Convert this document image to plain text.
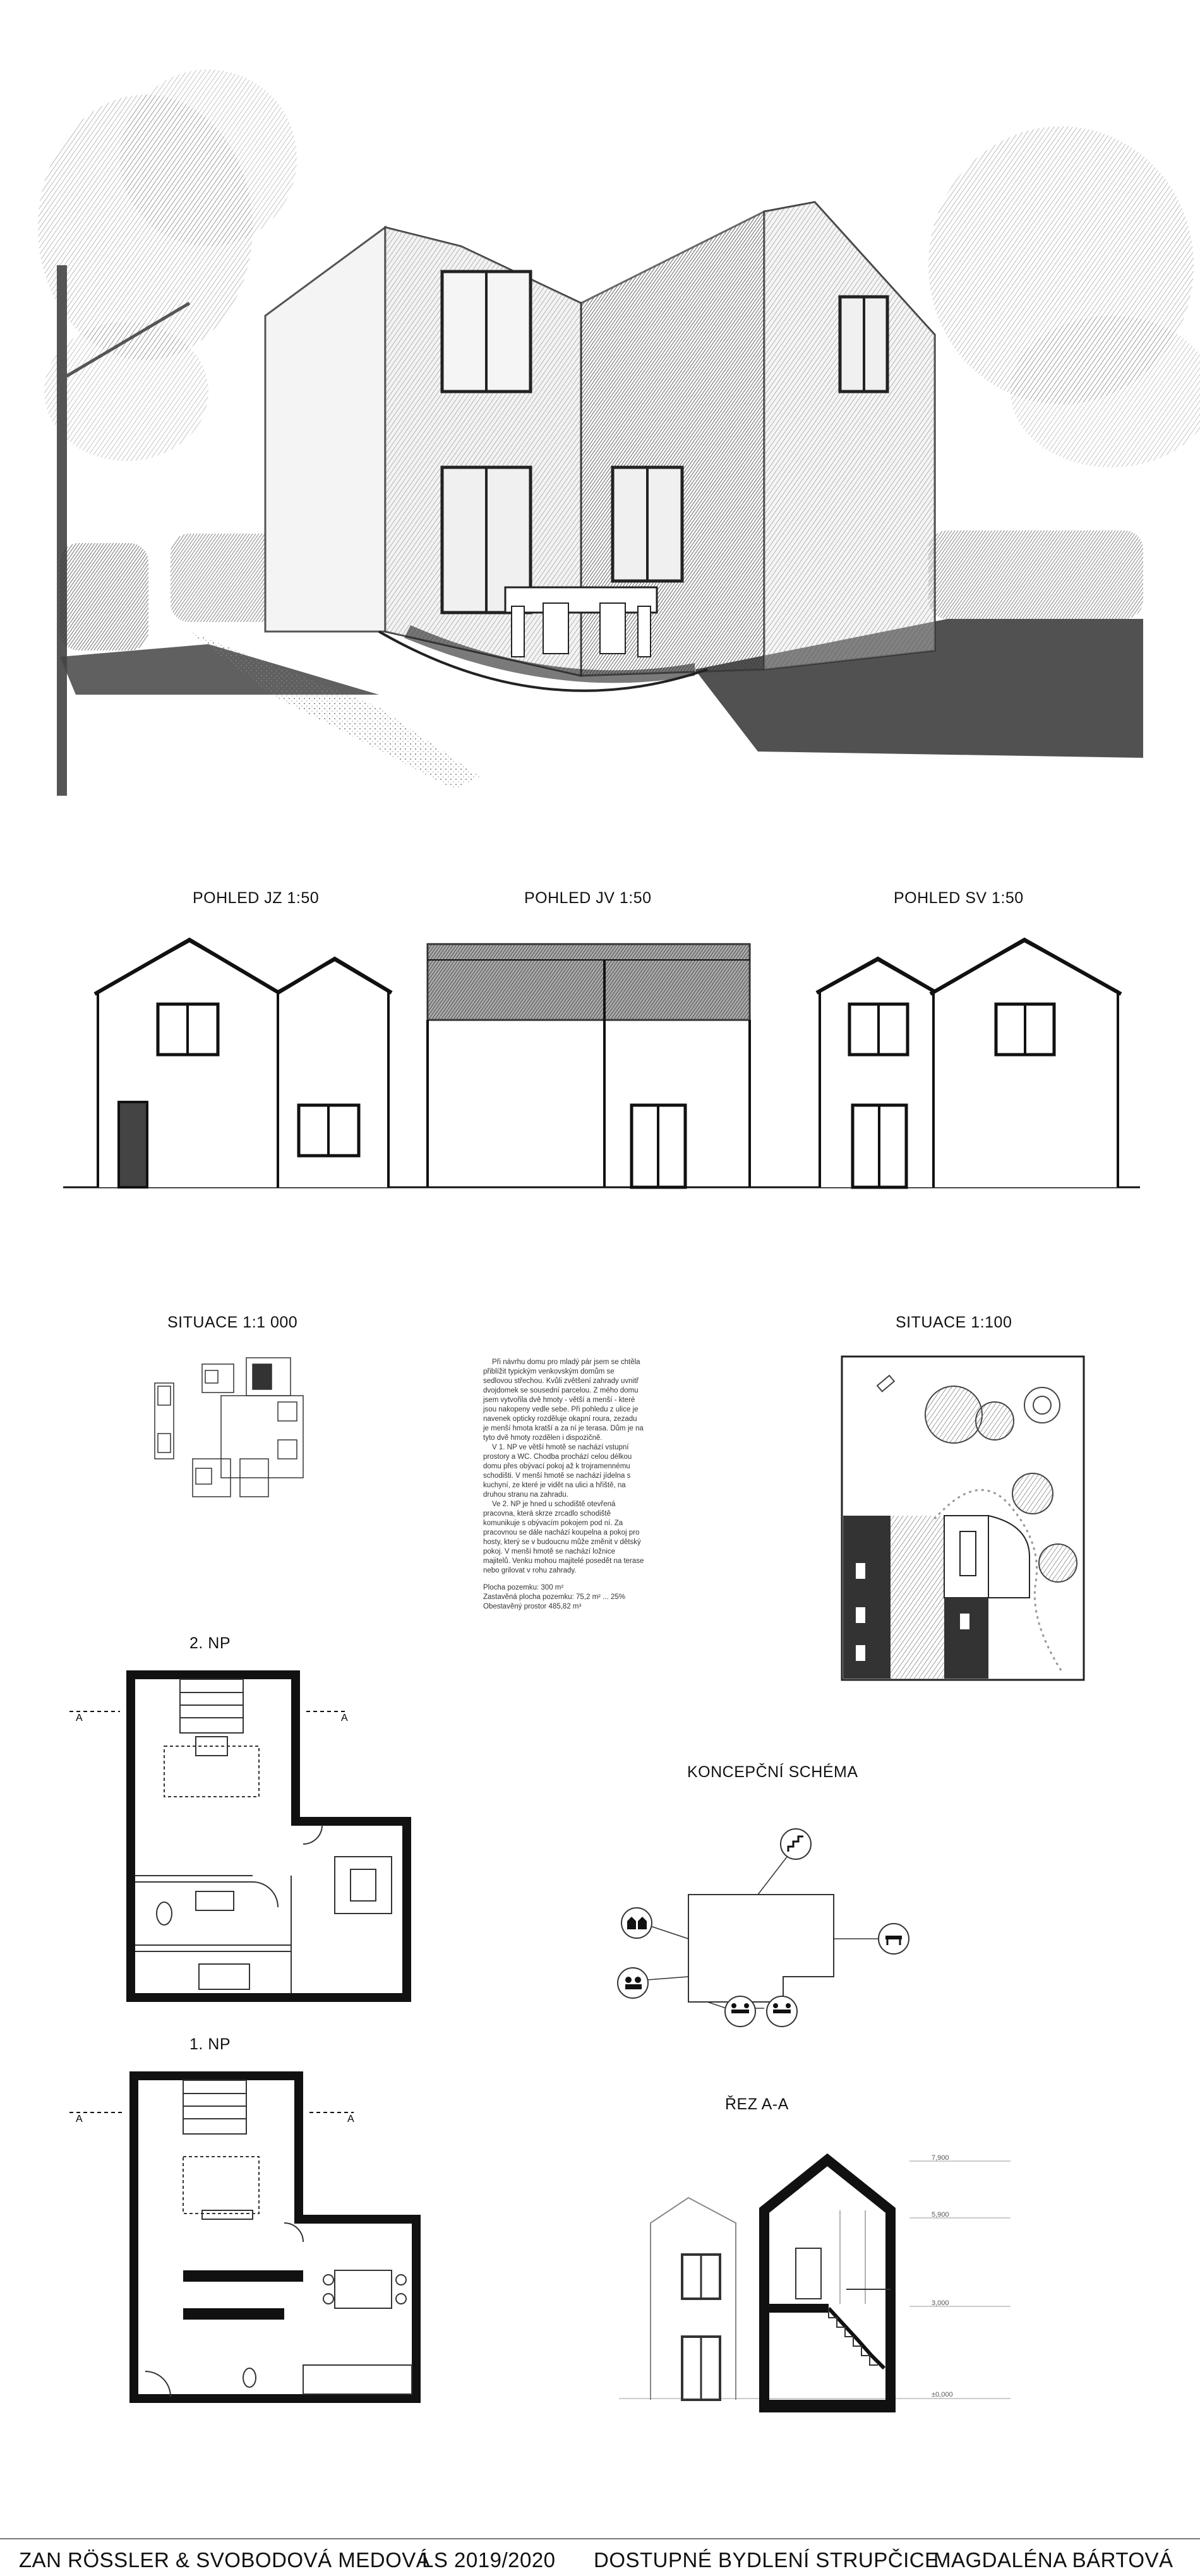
POHLED JZ 1:50	POHLED JV 1:50	POHLED SV 1:50
SITUACE 1:1 000	SITUACE 1:100

Při návrhu domu pro mladý pár jsem se chtěla přiblížit typickým venkovským domům se sedlovou střechou. Kvůli zvětšení zahrady uvnitř dvojdomek se sousední parcelou. Z mého domu jsem vytvořila dvě hmoty - větší a menší - které jsou nakopeny vedle sebe. Při pohledu z ulice je navenek opticky rozděluje okapní roura, zezadu je menší hmota kratší a za ní je terasa. Dům je na tyto dvě hmoty rozdělen i dispozičně.

V 1. NP ve větší hmotě se nachází vstupní prostory a WC. Chodba prochází celou délkou domu přes obývací pokoj až k trojramennému schodišti. V menší hmotě se nachází jídelna s kuchyní, ze které je vidět na ulici a hřiště, na druhou stranu na zahradu.

Ve 2. NP je hned u schodiště otevřená pracovna, která skrze zrcadlo schodiště komunikuje s obývacím pokojem pod ní. Za pracovnou se dále nachází koupelna a pokoj pro hosty, který se v budoucnu může změnit v dětský pokoj. V menší hmotě se nachází ložnice majitelů. Venku mohou majitelé posedět na terase nebo grilovat v rohu zahrady.

Plocha pozemku: 300 m²
Zastavěná plocha pozemku: 75,2 m² ... 25%
Obestavěný prostor 485,82 m³
2. NP
1. NP
A	A
A	A
KONCEPČNÍ SCHÉMA
ŘEZ A-A
7,900
5,900
3,000
±0,000
ZAN RÖSSLER & SVOBODOVÁ MEDOVÁ
LS 2019/2020 DOSTUPNÉ BYDLENÍ STRUPČICE
MAGDALÉNA BÁRTOVÁ
